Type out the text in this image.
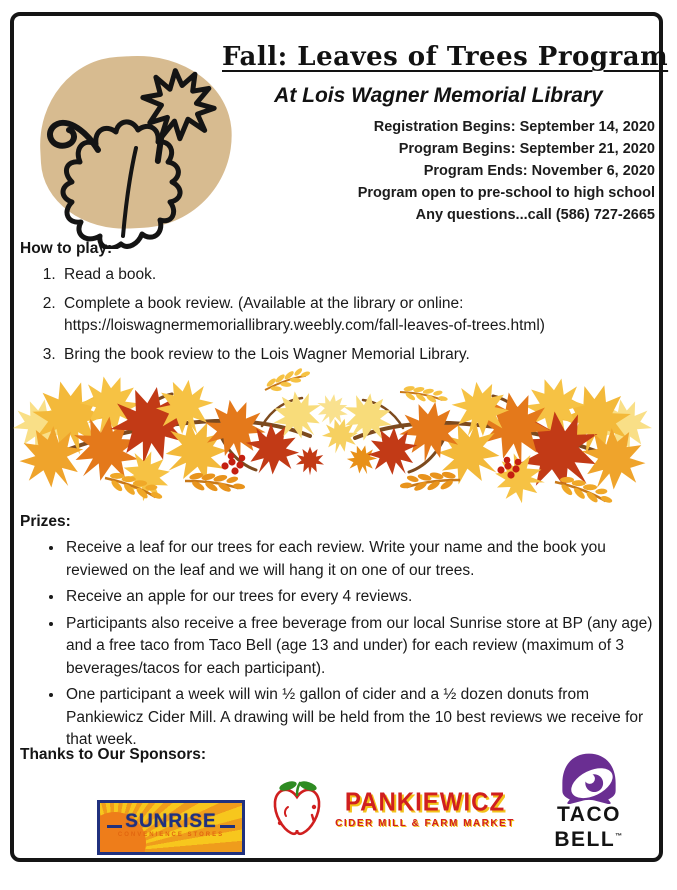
Fall: Leaves of Trees Program
At Lois Wagner Memorial Library
Registration Begins: September 14, 2020
Program Begins: September 21, 2020
Program Ends: November 6, 2020
Program open to pre-school to high school
Any questions...call (586) 727-2665
How to play:
1. Read a book.
2. Complete a book review. (Available at the library or online: https://loiswagnermemoriallibrary.weebly.com/fall-leaves-of-trees.html)
3. Bring the book review to the Lois Wagner Memorial Library.
Prizes:
• Receive a leaf for our trees for each review. Write your name and the book you reviewed on the leaf and we will hang it on one of our trees.
• Receive an apple for our trees for every 4 reviews.
• Participants also receive a free beverage from our local Sunrise store at BP (any age) and a free taco from Taco Bell (age 13 and under) for each review (maximum of 3 beverages/tacos for each participant).
• One participant a week will win ½ gallon of cider and a ½ dozen donuts from Pankiewicz Cider Mill. A drawing will be held from the 10 best reviews we receive for that week.
Thanks to Our Sponsors:
SUNRISE
CONVENIENCE STORES
PANKIEWICZ
CIDER MILL & FARM MARKET	TACO
BELL™
